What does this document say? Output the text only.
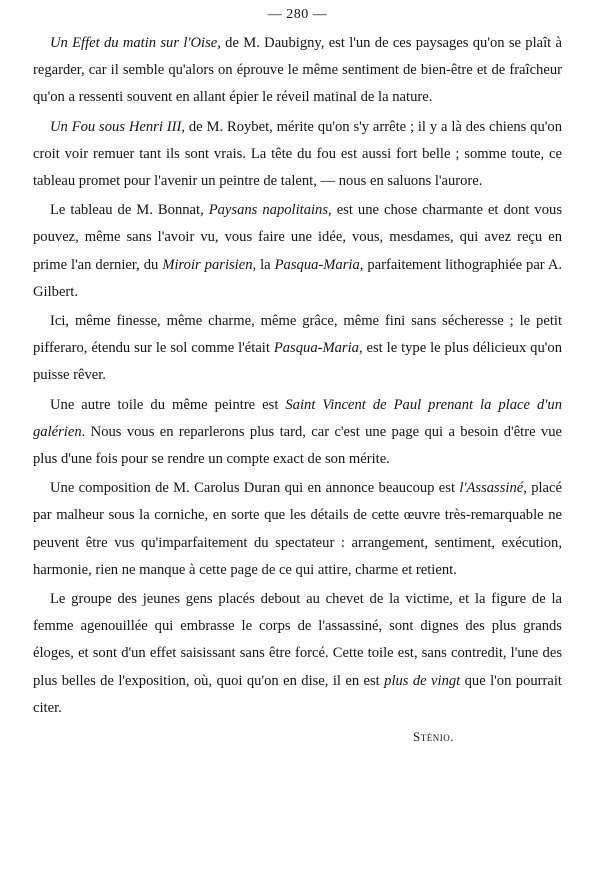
— 280 —

Un Effet du matin sur l'Oise, de M. Daubigny, est l'un de ces paysages qu'on se plaît à regarder, car il semble qu'alors on éprouve le même sentiment de bien-être et de fraîcheur qu'on a ressenti souvent en allant épier le réveil matinal de la nature.

Un Fou sous Henri III, de M. Roybet, mérite qu'on s'y arrête ; il y a là des chiens qu'on croit voir remuer tant ils sont vrais. La tête du fou est aussi fort belle ; somme toute, ce tableau promet pour l'avenir un peintre de talent, — nous en saluons l'aurore.

Le tableau de M. Bonnat, Paysans napolitains, est une chose charmante et dont vous pouvez, même sans l'avoir vu, vous faire une idée, vous, mesdames, qui avez reçu en prime l'an dernier, du Miroir parisien, la Pasqua-Maria, parfaitement lithographiée par A. Gilbert.

Ici, même finesse, même charme, même grâce, même fini sans sécheresse ; le petit pifferaro, étendu sur le sol comme l'était Pasqua-Maria, est le type le plus délicieux qu'on puisse rêver.

Une autre toile du même peintre est Saint Vincent de Paul prenant la place d'un galérien. Nous vous en reparlerons plus tard, car c'est une page qui a besoin d'être vue plus d'une fois pour se rendre un compte exact de son mérite.

Une composition de M. Carolus Duran qui en annonce beaucoup est l'Assassiné, placé par malheur sous la corniche, en sorte que les détails de cette œuvre très-remarquable ne peuvent être vus qu'imparfaitement du spectateur : arrangement, sentiment, exécution, harmonie, rien ne manque à cette page de ce qui attire, charme et retient.

Le groupe des jeunes gens placés debout au chevet de la victime, et la figure de la femme agenouillée qui embrasse le corps de l'assassiné, sont dignes des plus grands éloges, et sont d'un effet saisissant sans être forcé. Cette toile est, sans contredit, l'une des plus belles de l'exposition, où, quoi qu'on en dise, il en est plus de vingt que l'on pourrait citer.

Sténio.
